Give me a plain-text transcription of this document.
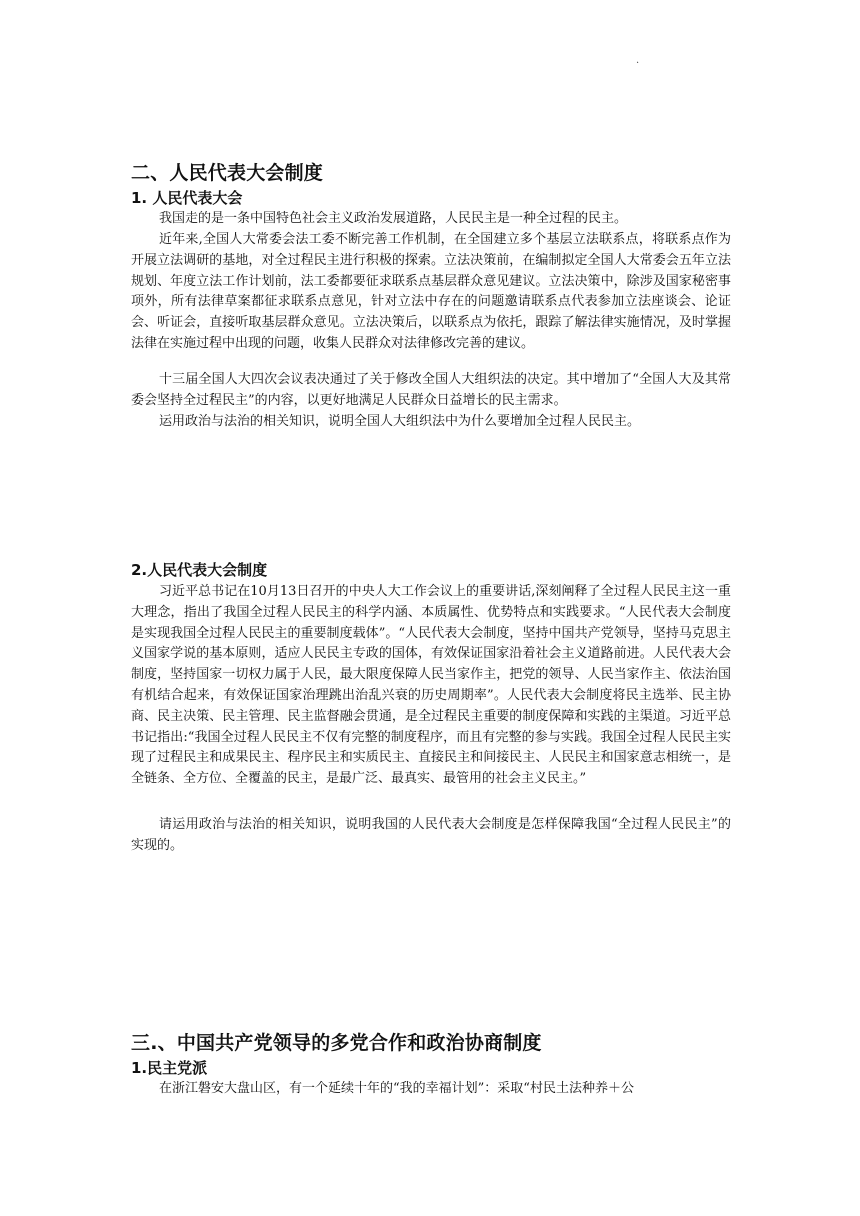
·
二、人民代表大会制度
1. 人民代表大会

我国走的是一条中国特色社会主义政治发展道路，人民民主是一种全过程的民主。

近年来,全国人大常委会法工委不断完善工作机制，在全国建立多个基层立法联系点，将联系点作为开展立法调研的基地，对全过程民主进行积极的探索。立法决策前，在编制拟定全国人大常委会五年立法规划、年度立法工作计划前，法工委都要征求联系点基层群众意见建议。立法决策中，除涉及国家秘密事项外，所有法律草案都征求联系点意见，针对立法中存在的问题邀请联系点代表参加立法座谈会、论证会、听证会，直接听取基层群众意见。立法决策后，以联系点为依托，跟踪了解法律实施情况，及时掌握法律在实施过程中出现的问题，收集人民群众对法律修改完善的建议。

十三届全国人大四次会议表决通过了关于修改全国人大组织法的决定。其中增加了“全国人大及其常委会坚持全过程民主”的内容，以更好地满足人民群众日益增长的民主需求。

运用政治与法治的相关知识，说明全国人大组织法中为什么要增加全过程人民民主。

2.人民代表大会制度

习近平总书记在10月13日召开的中央人大工作会议上的重要讲话,深刻阐释了全过程人民民主这一重大理念，指出了我国全过程人民民主的科学内涵、本质属性、优势特点和实践要求。“人民代表大会制度是实现我国全过程人民民主的重要制度载体”。“人民代表大会制度，坚持中国共产党领导，坚持马克思主义国家学说的基本原则，适应人民民主专政的国体，有效保证国家沿着社会主义道路前进。人民代表大会制度，坚持国家一切权力属于人民，最大限度保障人民当家作主，把党的领导、人民当家作主、依法治国有机结合起来，有效保证国家治理跳出治乱兴衰的历史周期率”。人民代表大会制度将民主选举、民主协商、民主决策、民主管理、民主监督融会贯通，是全过程民主重要的制度保障和实践的主渠道。习近平总书记指出:“我国全过程人民民主不仅有完整的制度程序，而且有完整的参与实践。我国全过程人民民主实现了过程民主和成果民主、程序民主和实质民主、直接民主和间接民主、人民民主和国家意志相统一，是全链条、全方位、全覆盖的民主，是最广泛、最真实、最管用的社会主义民主。”

请运用政治与法治的相关知识，说明我国的人民代表大会制度是怎样保障我国“全过程人民民主”的实现的。

三.、中国共产党领导的多党合作和政治协商制度
1.民主党派

在浙江磐安大盘山区，有一个延续十年的“我的幸福计划”：采取“村民土法种养＋公
